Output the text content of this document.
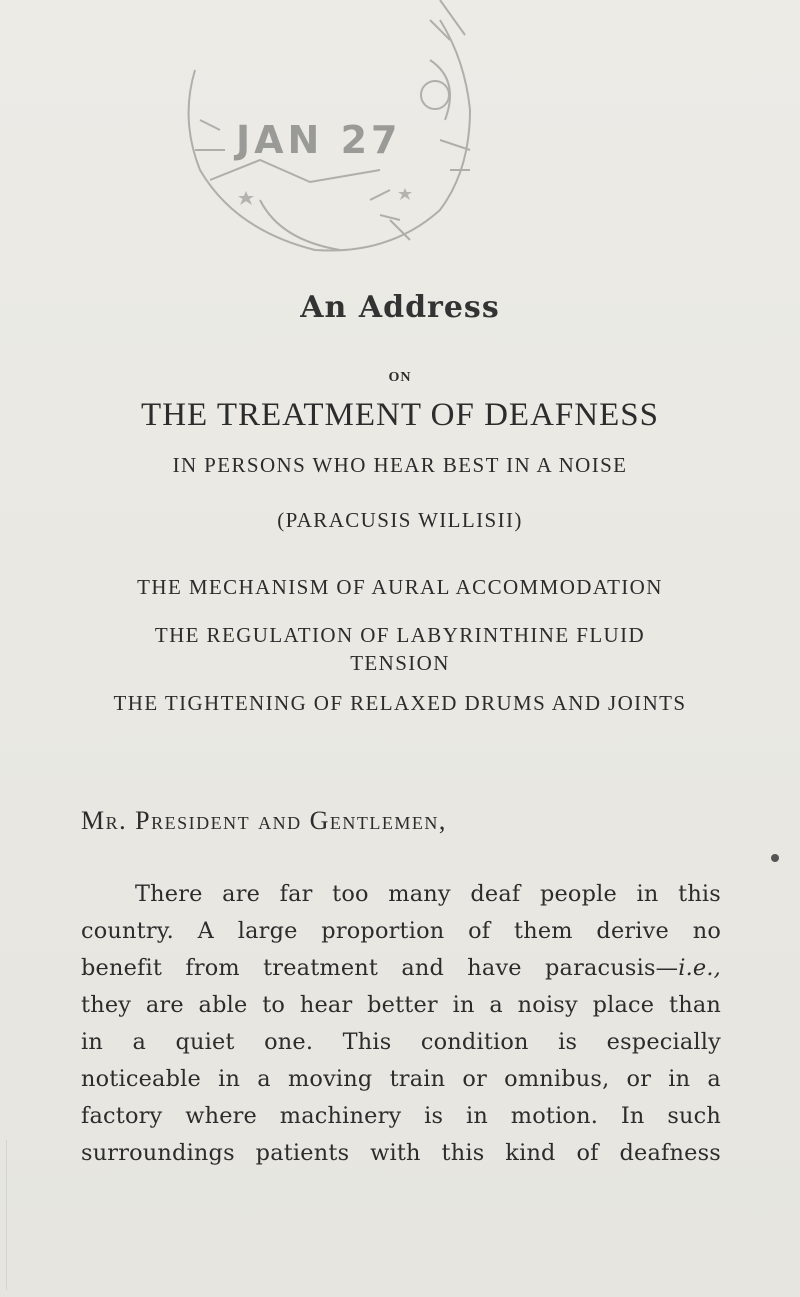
JAN 27
An Address
ON
THE TREATMENT OF DEAFNESS
IN PERSONS WHO HEAR BEST IN A NOISE
(PARACUSIS WILLISII)
THE MECHANISM OF AURAL ACCOMMODATION
THE REGULATION OF LABYRINTHINE FLUID
TENSION
THE TIGHTENING OF RELAXED DRUMS AND JOINTS
Mr. President and Gentlemen,
There are far too many deaf people in this
country. A large proportion of them derive no
benefit from treatment and have paracusis—i.e.,
they are able to hear better in a noisy place than
in a quiet one. This condition is especially
noticeable in a moving train or omnibus, or in a
factory where machinery is in motion. In such
surroundings patients with this kind of deafness
